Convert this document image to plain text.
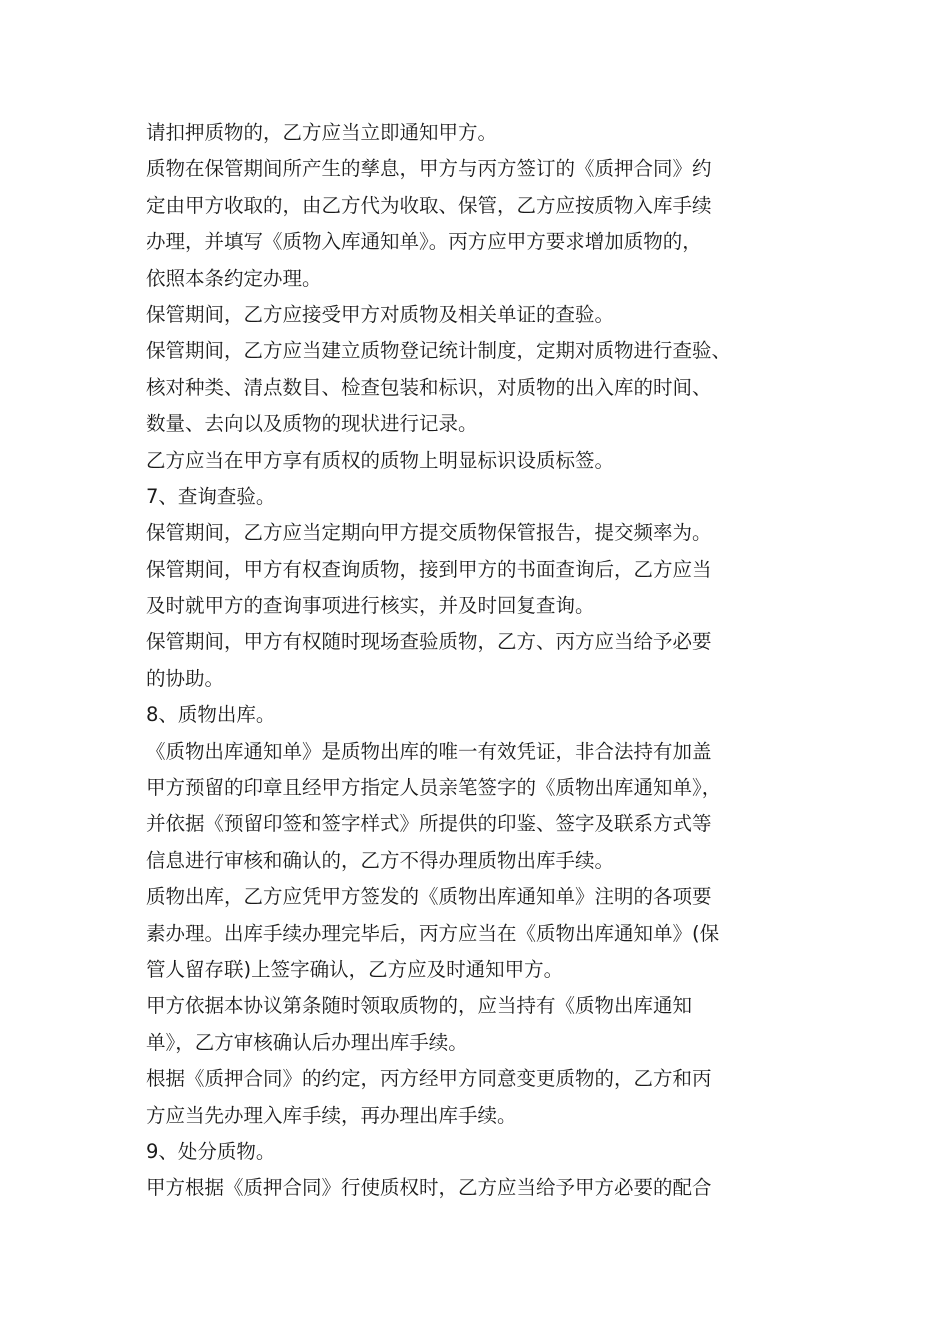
请扣押质物的，乙方应当立即通知甲方。
质物在保管期间所产生的孳息，甲方与丙方签订的《质押合同》约
定由甲方收取的，由乙方代为收取、保管，乙方应按质物入库手续
办理，并填写《质物入库通知单》。丙方应甲方要求增加质物的，
依照本条约定办理。
保管期间，乙方应接受甲方对质物及相关单证的查验。
保管期间，乙方应当建立质物登记统计制度，定期对质物进行查验、
核对种类、清点数目、检查包装和标识，对质物的出入库的时间、
数量、去向以及质物的现状进行记录。
乙方应当在甲方享有质权的质物上明显标识设质标签。
7、查询查验。
保管期间，乙方应当定期向甲方提交质物保管报告，提交频率为。
保管期间，甲方有权查询质物，接到甲方的书面查询后，乙方应当
及时就甲方的查询事项进行核实，并及时回复查询。
保管期间，甲方有权随时现场查验质物，乙方、丙方应当给予必要
的协助。
8、质物出库。
《质物出库通知单》是质物出库的唯一有效凭证，非合法持有加盖
甲方预留的印章且经甲方指定人员亲笔签字的《质物出库通知单》，
并依据《预留印签和签字样式》所提供的印鉴、签字及联系方式等
信息进行审核和确认的，乙方不得办理质物出库手续。
质物出库，乙方应凭甲方签发的《质物出库通知单》注明的各项要
素办理。出库手续办理完毕后，丙方应当在《质物出库通知单》(保
管人留存联)上签字确认，乙方应及时通知甲方。
甲方依据本协议第条随时领取质物的，应当持有《质物出库通知
单》，乙方审核确认后办理出库手续。
根据《质押合同》的约定，丙方经甲方同意变更质物的，乙方和丙
方应当先办理入库手续，再办理出库手续。
9、处分质物。
甲方根据《质押合同》行使质权时，乙方应当给予甲方必要的配合
